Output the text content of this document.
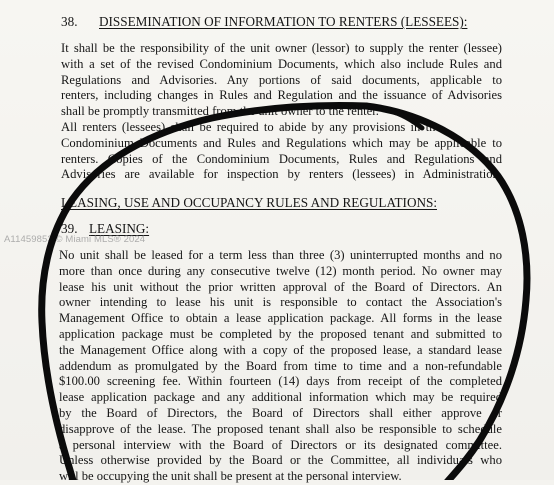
38. DISSEMINATION OF INFORMATION TO RENTERS (LESSEES):
It shall be the responsibility of the unit owner (lessor) to supply the renter (lessee)
with a set of the revised Condominium Documents, which also include Rules and
Regulations and Advisories. Any portions of said documents, applicable to
renters, including changes in Rules and Regulation and the issuance of Advisories
shall be promptly transmitted from the unit owner to the renter.
All renters (lessees) shall be required to abide by any provisions in the
Condominium Documents and Rules and Regulations which may be applicable to
renters. Copies of the Condominium Documents, Rules and Regulations and
Advisories are available for inspection by renters (lessees) in Administration.
LEASING, USE AND OCCUPANCY RULES AND REGULATIONS:
39. LEASING:
No unit shall be leased for a term less than three (3) uninterrupted months and no
more than once during any consecutive twelve (12) month period. No owner may
lease his unit without the prior written approval of the Board of Directors. An
owner intending to lease his unit is responsible to contact the Association's
Management Office to obtain a lease application package. All forms in the lease
application package must be completed by the proposed tenant and submitted to
the Management Office along with a copy of the proposed lease, a standard lease
addendum as promulgated by the Board from time to time and a non-refundable
$100.00 screening fee. Within fourteen (14) days from receipt of the completed
lease application package and any additional information which may be required
by the Board of Directors, the Board of Directors shall either approve or
disapprove of the lease. The proposed tenant shall also be responsible to schedule
a personal interview with the Board of Directors or its designated committee.
Unless otherwise provided by the Board or the Committee, all individuals who
will be occupying the unit shall be present at the personal interview.
A11459853 © Miami MLS® 2024
